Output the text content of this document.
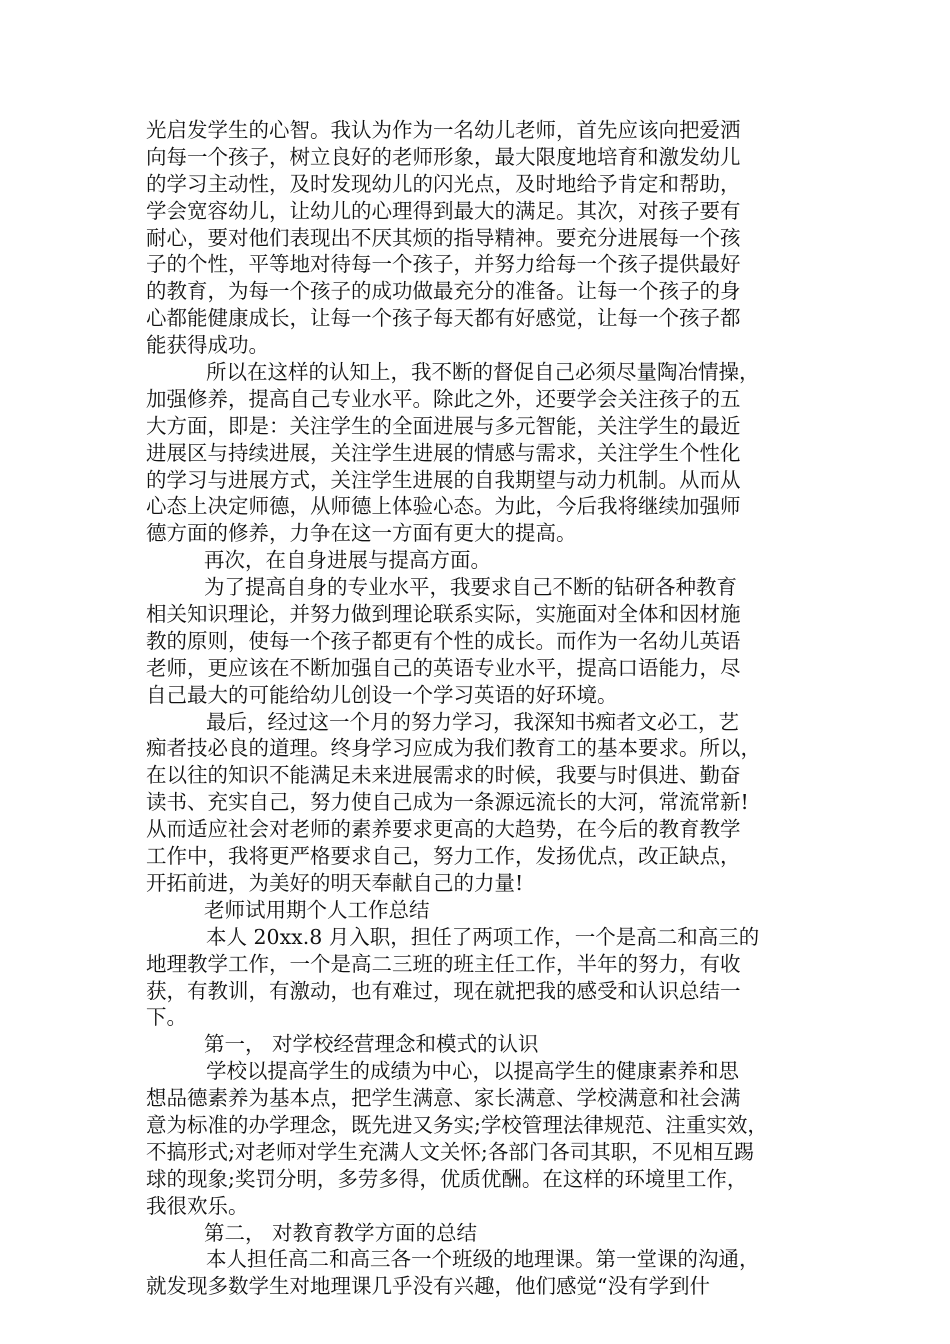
光启发学生的心智。我认为作为一名幼儿老师，首先应该向把爱洒
向每一个孩子，树立良好的老师形象，最大限度地培育和激发幼儿
的学习主动性，及时发现幼儿的闪光点，及时地给予肯定和帮助，
学会宽容幼儿，让幼儿的心理得到最大的满足。其次，对孩子要有
耐心，要对他们表现出不厌其烦的指导精神。要充分进展每一个孩
子的个性，平等地对待每一个孩子，并努力给每一个孩子提供最好
的教育，为每一个孩子的成功做最充分的准备。让每一个孩子的身
心都能健康成长，让每一个孩子每天都有好感觉，让每一个孩子都
能获得成功。
所以在这样的认知上，我不断的督促自己必须尽量陶冶情操，
加强修养，提高自己专业水平。除此之外，还要学会关注孩子的五
大方面，即是：关注学生的全面进展与多元智能，关注学生的最近
进展区与持续进展，关注学生进展的情感与需求，关注学生个性化
的学习与进展方式，关注学生进展的自我期望与动力机制。从而从
心态上决定师德，从师德上体验心态。为此，今后我将继续加强师
德方面的修养，力争在这一方面有更大的提高。
再次，在自身进展与提高方面。
为了提高自身的专业水平，我要求自己不断的钻研各种教育
相关知识理论，并努力做到理论联系实际，实施面对全体和因材施
教的原则，使每一个孩子都更有个性的成长。而作为一名幼儿英语
老师，更应该在不断加强自己的英语专业水平，提高口语能力，尽
自己最大的可能给幼儿创设一个学习英语的好环境。
最后，经过这一个月的努力学习，我深知书痴者文必工，艺
痴者技必良的道理。终身学习应成为我们教育工的基本要求。所以，
在以往的知识不能满足未来进展需求的时候，我要与时俱进、勤奋
读书、充实自己，努力使自己成为一条源远流长的大河，常流常新!
从而适应社会对老师的素养要求更高的大趋势，在今后的教育教学
工作中，我将更严格要求自己，努力工作，发扬优点，改正缺点，
开拓前进，为美好的明天奉献自己的力量!
老师试用期个人工作总结
本人 20xx.8 月入职，担任了两项工作，一个是高二和高三的
地理教学工作，一个是高二三班的班主任工作，半年的努力，有收
获，有教训，有激动，也有难过，现在就把我的感受和认识总结一
下。
第一， 对学校经营理念和模式的认识
学校以提高学生的成绩为中心，以提高学生的健康素养和思
想品德素养为基本点，把学生满意、家长满意、学校满意和社会满
意为标准的办学理念，既先进又务实;学校管理法律规范、注重实效，
不搞形式;对老师对学生充满人文关怀;各部门各司其职，不见相互踢
球的现象;奖罚分明，多劳多得，优质优酬。在这样的环境里工作，
我很欢乐。
第二， 对教育教学方面的总结
本人担任高二和高三各一个班级的地理课。第一堂课的沟通，
就发现多数学生对地理课几乎没有兴趣，他们感觉“没有学到什
